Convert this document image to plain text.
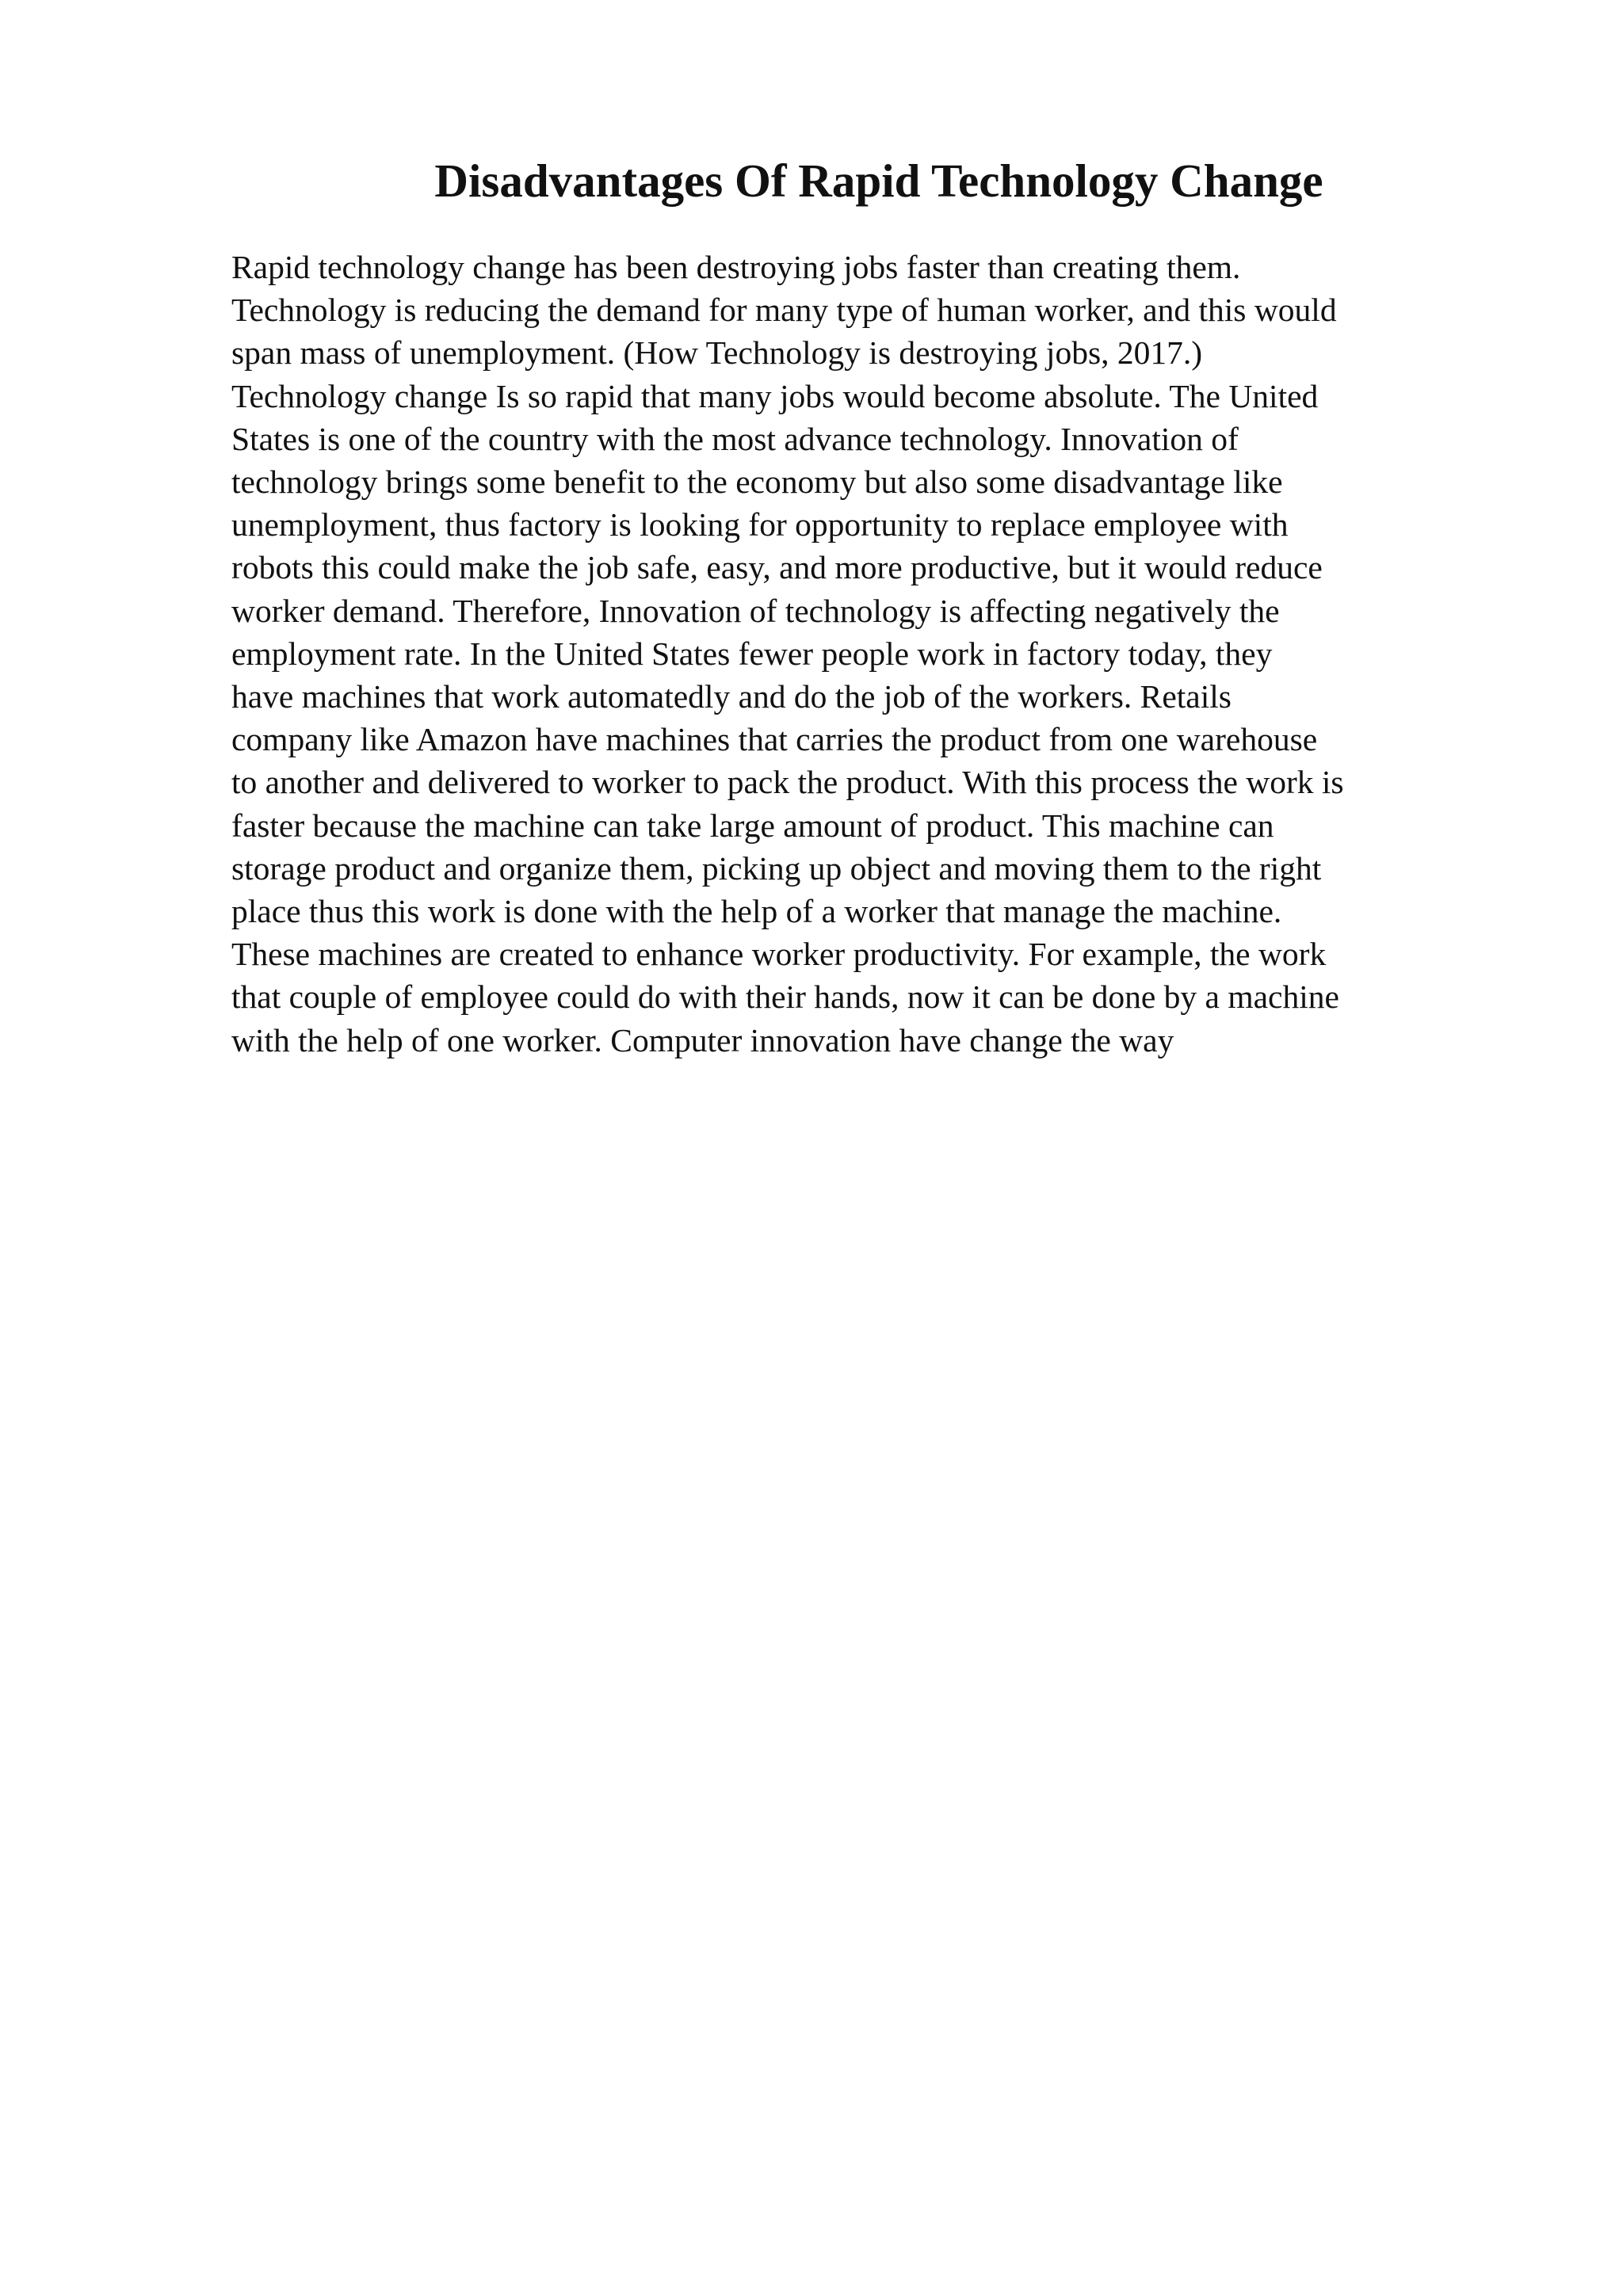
Disadvantages Of Rapid Technology Change
Rapid technology change has been destroying jobs faster than creating them.
Technology is reducing the demand for many type of human worker, and this would
span mass of unemployment. (How Technology is destroying jobs, 2017.)
Technology change Is so rapid that many jobs would become absolute. The United
States is one of the country with the most advance technology. Innovation of
technology brings some benefit to the economy but also some disadvantage like
unemployment, thus factory is looking for opportunity to replace employee with
robots this could make the job safe, easy, and more productive, but it would reduce
worker demand. Therefore, Innovation of technology is affecting negatively the
employment rate. In the United States fewer people work in factory today, they
have machines that work automatedly and do the job of the workers. Retails
company like Amazon have machines that carries the product from one warehouse
to another and delivered to worker to pack the product. With this process the work is
faster because the machine can take large amount of product. This machine can
storage product and organize them, picking up object and moving them to the right
place thus this work is done with the help of a worker that manage the machine.
These machines are created to enhance worker productivity. For example, the work
that couple of employee could do with their hands, now it can be done by a machine
with the help of one worker. Computer innovation have change the way
